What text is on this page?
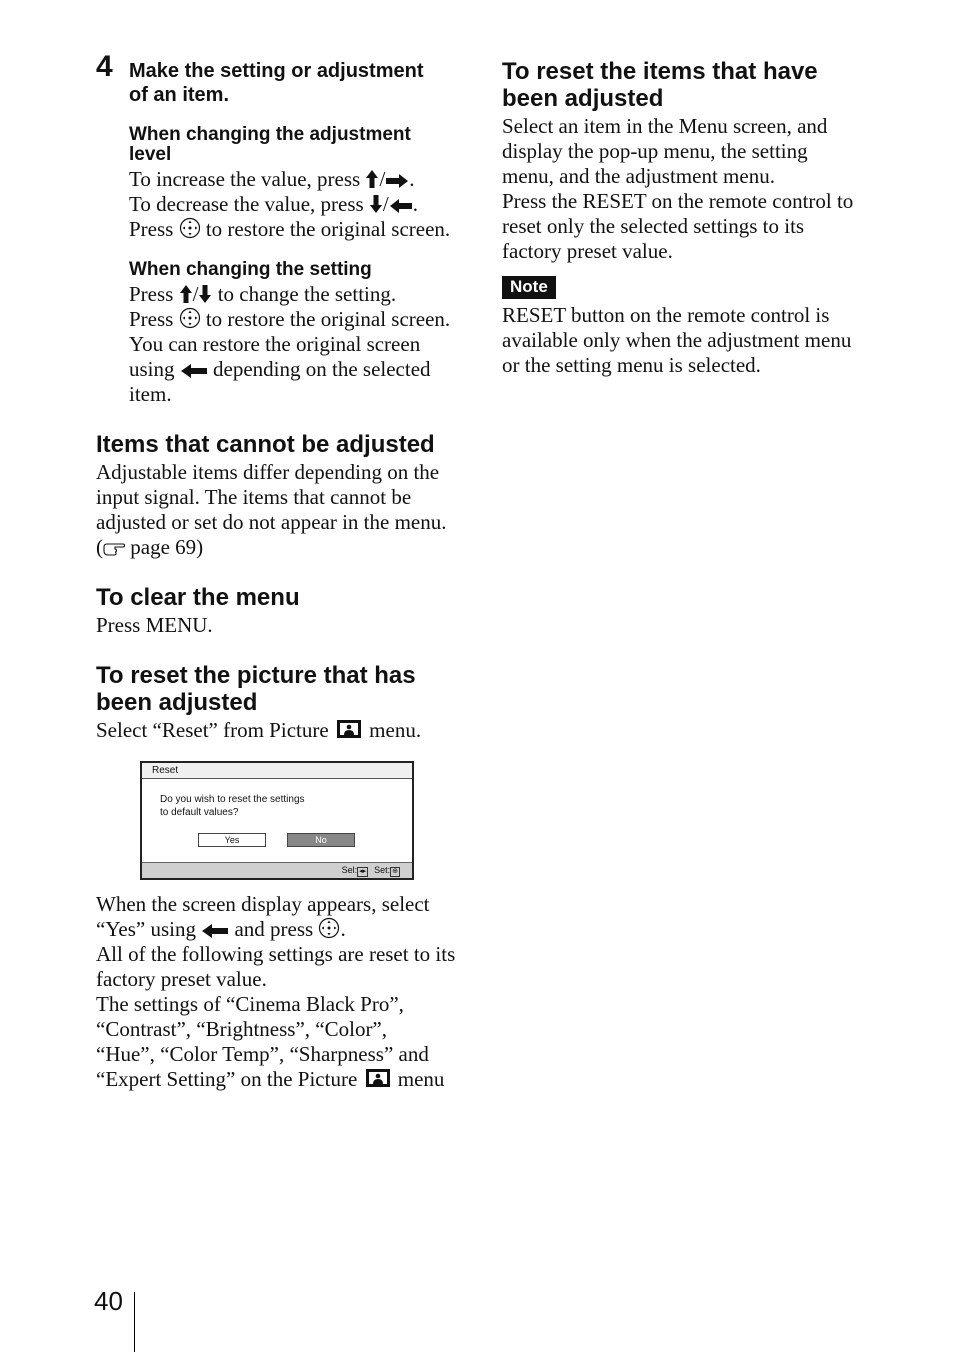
4 Make the setting or adjustment
of an item.
When changing the adjustment
level
To increase the value, press / .
To decrease the value, press / .
Press to restore the original screen.
When changing the setting
Press / to change the setting.
Press to restore the original screen.
You can restore the original screen
using depending on the selected
item.
Items that cannot be adjusted
Adjustable items differ depending on the
input signal. The items that cannot be
adjusted or set do not appear in the menu.
( page 69)
To clear the menu
Press MENU.
To reset the picture that has
been adjusted
Select “Reset” from Picture menu.
Reset
Do you wish to reset the settings
to default values?
Yes	No
Sel: ◂▸ Set: ⊕
When the screen display appears, select
“Yes” using and press .
All of the following settings are reset to its
factory preset value.
The settings of “Cinema Black Pro”,
“Contrast”, “Brightness”, “Color”,
“Hue”, “Color Temp”, “Sharpness” and
“Expert Setting” on the Picture menu
To reset the items that have
been adjusted
Select an item in the Menu screen, and
display the pop-up menu, the setting
menu, and the adjustment menu.
Press the RESET on the remote control to
reset only the selected settings to its
factory preset value.
Note
RESET button on the remote control is
available only when the adjustment menu
or the setting menu is selected.
40
